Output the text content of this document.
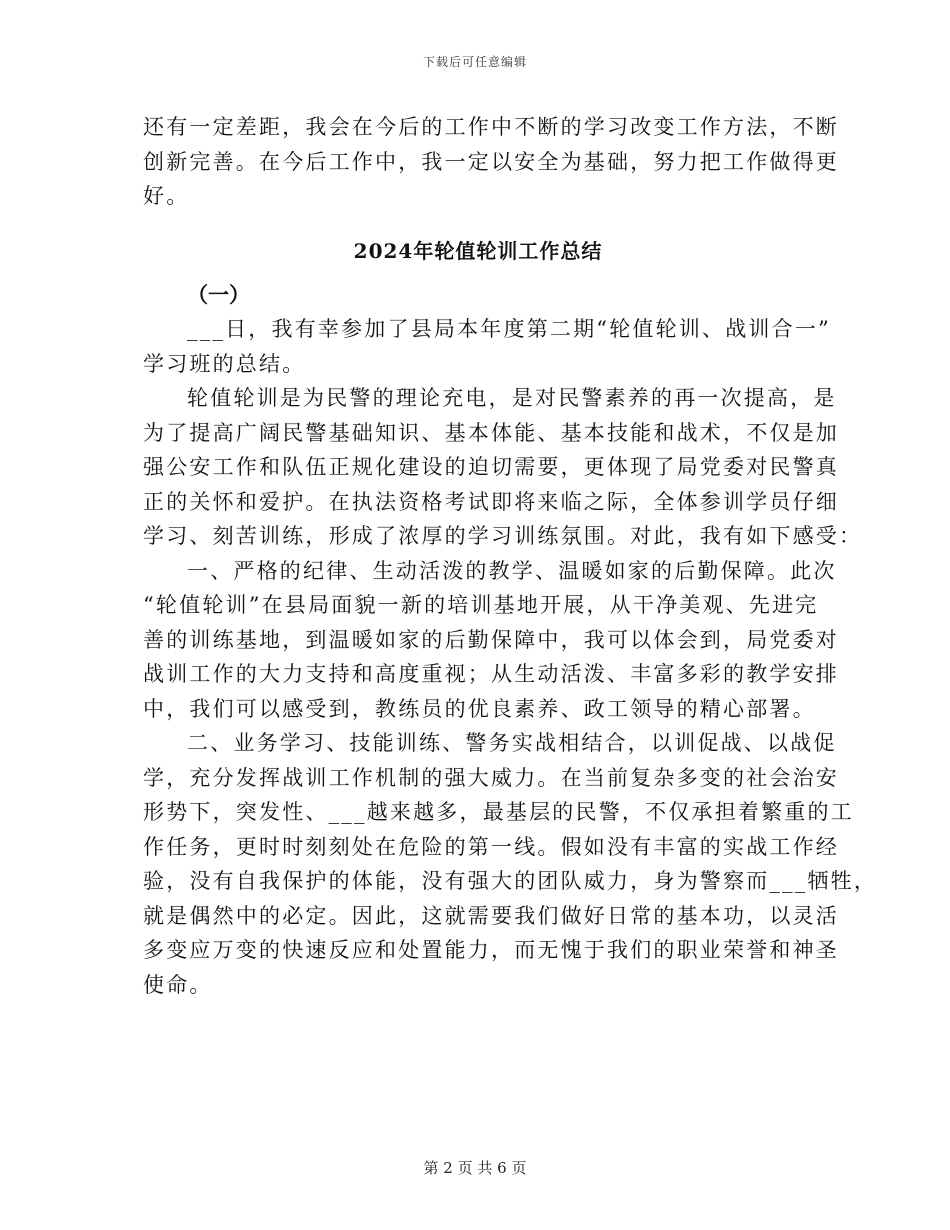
下载后可任意编辑
还有一定差距，我会在今后的工作中不断的学习改变工作方法，不断
创新完善。在今后工作中，我一定以安全为基础，努力把工作做得更
好。
2024年轮值轮训工作总结
（一）
___日，我有幸参加了县局本年度第二期“轮值轮训、战训合一”
学习班的总结。
轮值轮训是为民警的理论充电，是对民警素养的再一次提高，是
为了提高广阔民警基础知识、基本体能、基本技能和战术，不仅是加
强公安工作和队伍正规化建设的迫切需要，更体现了局党委对民警真
正的关怀和爱护。在执法资格考试即将来临之际，全体参训学员仔细
学习、刻苦训练，形成了浓厚的学习训练氛围。对此，我有如下感受：
一、严格的纪律、生动活泼的教学、温暖如家的后勤保障。此次
“轮值轮训”在县局面貌一新的培训基地开展，从干净美观、先进完
善的训练基地，到温暖如家的后勤保障中，我可以体会到，局党委对
战训工作的大力支持和高度重视；从生动活泼、丰富多彩的教学安排
中，我们可以感受到，教练员的优良素养、政工领导的精心部署。
二、业务学习、技能训练、警务实战相结合，以训促战、以战促
学，充分发挥战训工作机制的强大威力。在当前复杂多变的社会治安
形势下，突发性、___越来越多，最基层的民警，不仅承担着繁重的工
作任务，更时时刻刻处在危险的第一线。假如没有丰富的实战工作经
验，没有自我保护的体能，没有强大的团队威力，身为警察而___牺牲，
就是偶然中的必定。因此，这就需要我们做好日常的基本功，以灵活
多变应万变的快速反应和处置能力，而无愧于我们的职业荣誉和神圣
使命。
第 2 页 共 6 页
